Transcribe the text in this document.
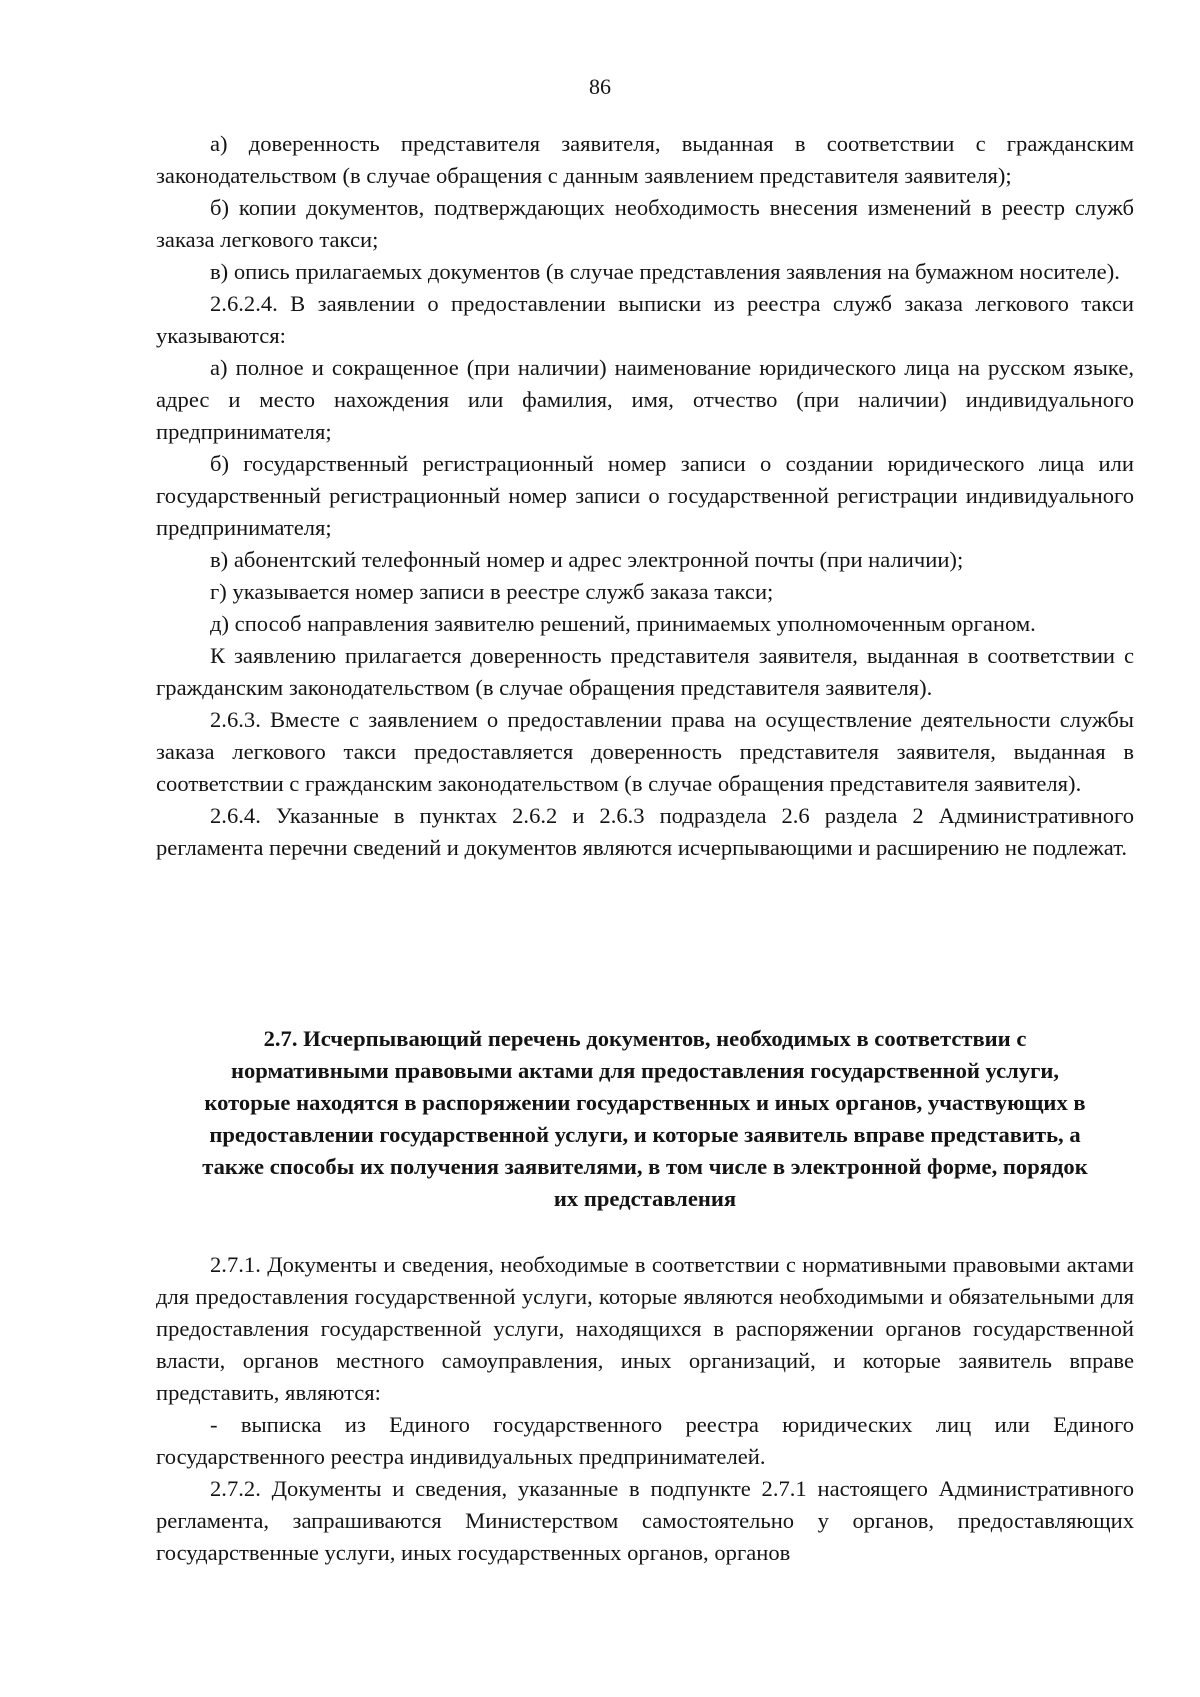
86

а) доверенность представителя заявителя, выданная в соответствии с гражданским законодательством (в случае обращения с данным заявлением представителя заявителя);

б) копии документов, подтверждающих необходимость внесения изменений в реестр служб заказа легкового такси;

в) опись прилагаемых документов (в случае представления заявления на бумажном носителе).

2.6.2.4. В заявлении о предоставлении выписки из реестра служб заказа легкового такси указываются:

а) полное и сокращенное (при наличии) наименование юридического лица на русском языке, адрес и место нахождения или фамилия, имя, отчество (при наличии) индивидуального предпринимателя;

б) государственный регистрационный номер записи о создании юридического лица или государственный регистрационный номер записи о государственной регистрации индивидуального предпринимателя;

в) абонентский телефонный номер и адрес электронной почты (при наличии);

г) указывается номер записи в реестре служб заказа такси;

д) способ направления заявителю решений, принимаемых уполномоченным органом.

К заявлению прилагается доверенность представителя заявителя, выданная в соответствии с гражданским законодательством (в случае обращения представителя заявителя).

2.6.3. Вместе с заявлением о предоставлении права на осуществление деятельности службы заказа легкового такси предоставляется доверенность представителя заявителя, выданная в соответствии с гражданским законодательством (в случае обращения представителя заявителя).

2.6.4. Указанные в пунктах 2.6.2 и 2.6.3 подраздела 2.6 раздела 2 Административного регламента перечни сведений и документов являются исчерпывающими и расширению не подлежат.

2.7. Исчерпывающий перечень документов, необходимых в соответствии с
нормативными правовыми актами для предоставления государственной услуги,
которые находятся в распоряжении государственных и иных органов, участвующих в
предоставлении государственной услуги, и которые заявитель вправе представить, а
также способы их получения заявителями, в том числе в электронной форме, порядок
их представления

2.7.1. Документы и сведения, необходимые в соответствии с нормативными правовыми актами для предоставления государственной услуги, которые являются необходимыми и обязательными для предоставления государственной услуги, находящихся в распоряжении органов государственной власти, органов местного самоуправления, иных организаций, и которые заявитель вправе представить, являются:

- выписка из Единого государственного реестра юридических лиц или Единого государственного реестра индивидуальных предпринимателей.

2.7.2. Документы и сведения, указанные в подпункте 2.7.1 настоящего Административного регламента, запрашиваются Министерством самостоятельно у органов, предоставляющих государственные услуги, иных государственных органов, органов
